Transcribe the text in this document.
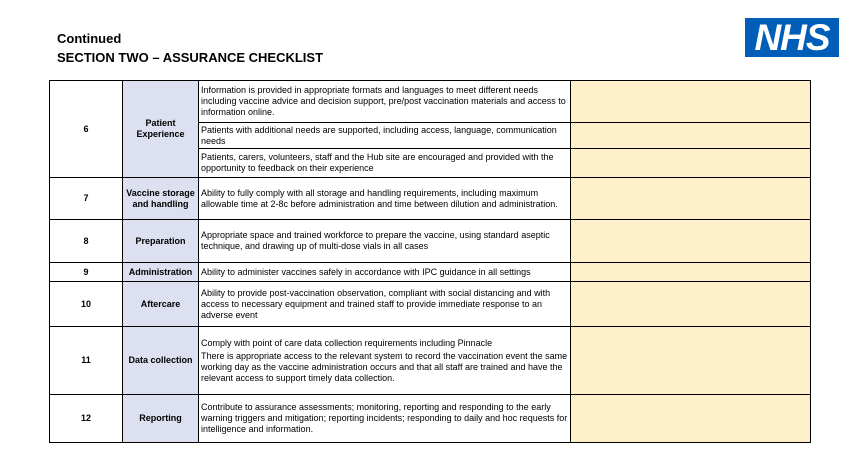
Continued
SECTION TWO – ASSURANCE CHECKLIST	NHS
6	Patient Experience	Information is provided in appropriate formats and languages to meet different needs including vaccine advice and decision support, pre/post vaccination materials and access to information online.	
		Patients with additional needs are supported, including access, language, communication needs	
		Patients, carers, volunteers, staff and the Hub site are encouraged and provided with the opportunity to feedback on their experience	
7	Vaccine storage and handling	Ability to fully comply with all storage and handling requirements, including maximum allowable time at 2-8c before administration and time between dilution and administration.	
8	Preparation	Appropriate space and trained workforce to prepare the vaccine, using standard aseptic technique, and drawing up of multi-dose vials in all cases	
9	Administration	Ability to administer vaccines safely in accordance with IPC guidance in all settings	
10	Aftercare	Ability to provide post-vaccination observation, compliant with social distancing and with access to necessary equipment and trained staff to provide immediate response to an adverse event	
11	Data collection	Comply with point of care data collection requirements including Pinnacle
There is appropriate access to the relevant system to record the vaccination event the same working day as the vaccine administration occurs and that all staff are trained and have the relevant access to support timely data collection.	

12	Reporting	Contribute to assurance assessments; monitoring, reporting and responding to the early warning triggers and mitigation; reporting incidents; responding to daily and hoc requests for intelligence and information.	
